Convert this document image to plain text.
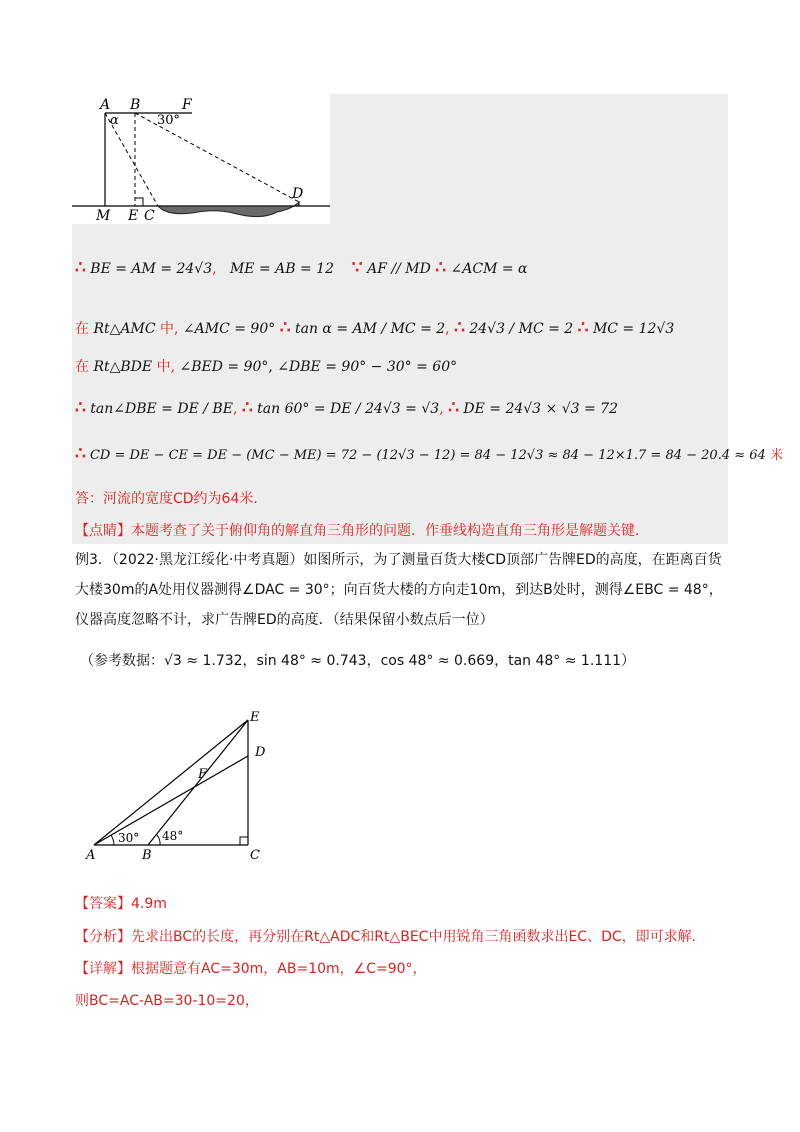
A B	F
α	30°
D
M E C
∴ BE = AM = 24√3, ME = AB = 12 ∵ AF // MD ∴ ∠ACM = α
在 Rt△AMC 中, ∠AMC = 90° ∴ tan α = AM / MC = 2, ∴ 24√3 / MC = 2 ∴ MC = 12√3
在 Rt△BDE 中, ∠BED = 90°, ∠DBE = 90° − 30° = 60°
∴ tan∠DBE = DE / BE, ∴ tan 60° = DE / 24√3 = √3, ∴ DE = 24√3 × √3 = 72
∴ CD = DE − CE = DE − (MC − ME) = 72 − (12√3 − 12) = 84 − 12√3 ≈ 84 − 12×1.7 = 84 − 20.4 ≈ 64 米
答：河流的宽度CD约为64米.
【点睛】本题考查了关于俯仰角的解直角三角形的问题．作垂线构造直角三角形是解题关键．
例3．（2022·黑龙江绥化·中考真题）如图所示，为了测量百货大楼CD顶部广告牌ED的高度，在距离百货大楼30m的A处用仪器测得∠DAC = 30°；向百货大楼的方向走10m，到达B处时，测得∠EBC = 48°，仪器高度忽略不计，求广告牌ED的高度．（结果保留小数点后一位）
（参考数据：√3 ≈ 1.732，sin 48° ≈ 0.743，cos 48° ≈ 0.669，tan 48° ≈ 1.111）
E
D
F
30° 48°
A	B	C
【答案】4.9m
【分析】先求出BC的长度，再分别在Rt△ADC和Rt△BEC中用锐角三角函数求出EC、DC，即可求解．
【详解】根据题意有AC=30m，AB=10m，∠C=90°，
则BC=AC-AB=30-10=20，
